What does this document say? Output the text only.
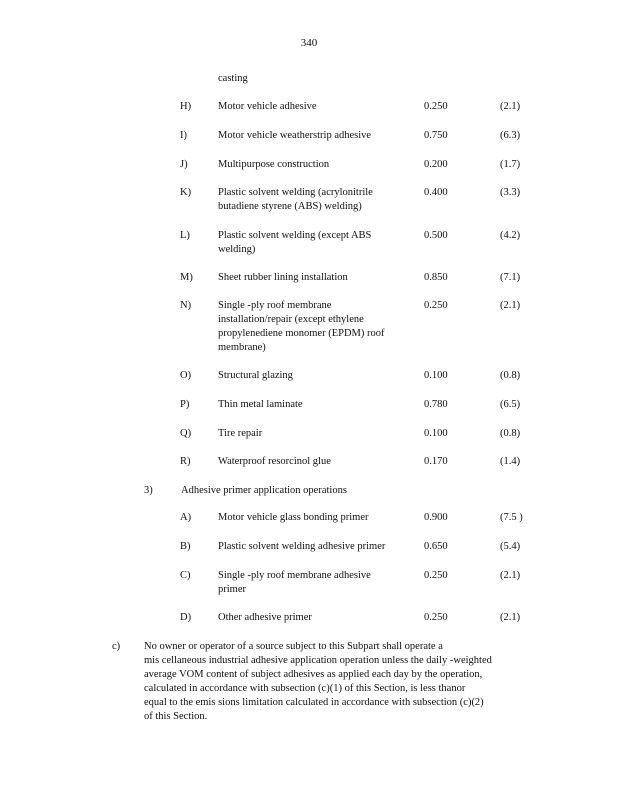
340
casting
H)	Motor vehicle adhesive	0.250	(2.1)
I)	Motor vehicle weatherstrip adhesive	0.750	(6.3)
J)	Multipurpose construction	0.200	(1.7)
K)	Plastic solvent welding (acrylonitrile
butadiene styrene (ABS) welding)
0.400	(3.3)
L)	Plastic solvent welding (except ABS
welding)
0.500	(4.2)
M) Sheet rubber lining installation	0.850	(7.1)
N)	Single -ply roof membrane
installation/repair (except ethylene
propylenediene monomer (EPDM) roof
membrane)
0.250	(2.1)
O)	Structural glazing	0.100	(0.8)
P)	Thin metal laminate	0.780	(6.5)
Q)	Tire repair	0.100	(0.8)
R)	Waterproof resorcinol glue	0.170	(1.4)
3)	Adhesive primer application operations
A)	Motor vehicle glass bonding primer	0.900	(7.5 )
B)	Plastic solvent welding adhesive primer	0.650	(5.4)
C)	Single -ply roof membrane adhesive
primer
0.250	(2.1)
D)	Other adhesive primer	0.250	(2.1)
c) No owner or operator of a source subject to this Subpart shall operate a
mis cellaneous industrial adhesive application operation unless the daily -weighted
average VOM content of subject adhesives as applied each day by the operation,
calculated in accordance with subsection (c)(1) of this Section, is less thanor
equal to the emis sions limitation calculated in accordance with subsection (c)(2)
of this Section.
